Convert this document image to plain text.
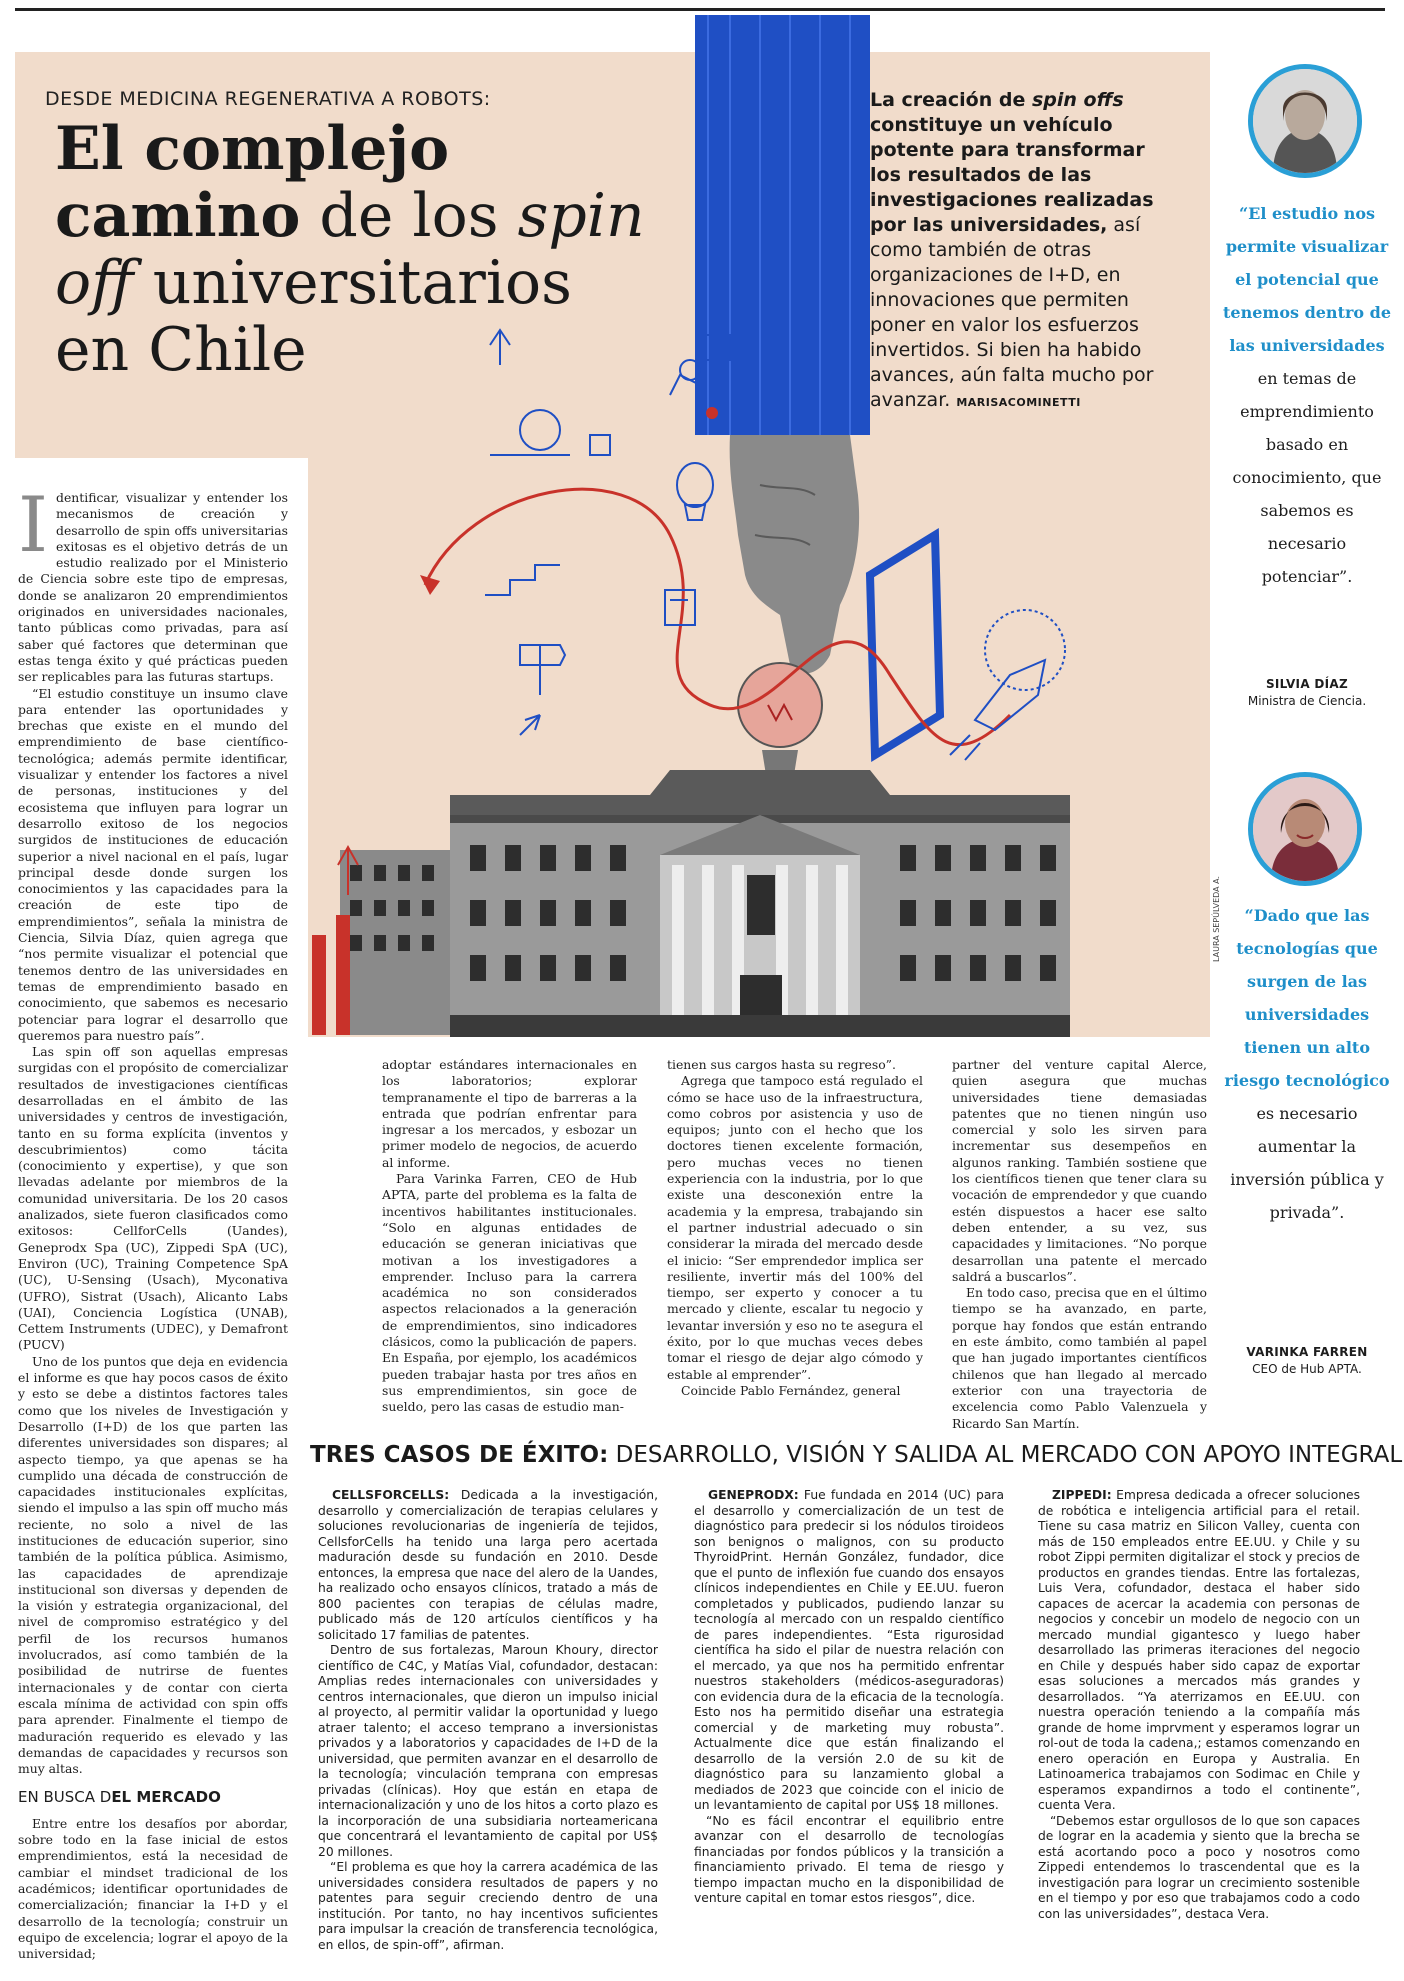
LAURA SEPÚLVEDA A.
DESDE MEDICINA REGENERATIVA A ROBOTS:
El complejo
camino de los spin
off universitarios
en Chile
La creación de spin offs constituye un vehículo potente para transformar los resultados de las investigaciones realizadas por las universidades, así como también de otras organizaciones de I+D, en innovaciones que permiten poner en valor los esfuerzos invertidos. Si bien ha habido avances, aún falta mucho por avanzar. MARISACOMINETTI
“El estudio nos permite visualizar el potencial que tenemos dentro de las universidades en temas de emprendimiento basado en conocimiento, que sabemos es necesario potenciar”.
SILVIA DÍAZ
Ministra de Ciencia.
“Dado que las tecnologías que surgen de las universidades tienen un alto riesgo tecnológico es necesario aumentar la inversión pública y privada”.
VARINKA FARREN
CEO de Hub APTA.

Identificar, visualizar y entender los mecanismos de creación y desarrollo de spin offs universitarias exitosas es el objetivo detrás de un estudio realizado por el Ministerio de Ciencia sobre este tipo de empresas, donde se analizaron 20 emprendimientos originados en universidades nacionales, tanto públicas como privadas, para así saber qué factores que determinan que estas tenga éxito y qué prácticas pueden ser replicables para las futuras startups.

“El estudio constituye un insumo clave para entender las oportunidades y brechas que existe en el mundo del emprendimiento de base científico-tecnológica; además permite identificar, visualizar y entender los factores a nivel de personas, instituciones y del ecosistema que influyen para lograr un desarrollo exitoso de los negocios surgidos de instituciones de educación superior a nivel nacional en el país, lugar principal desde donde surgen los conocimientos y las capacidades para la creación de este tipo de emprendimientos”, señala la ministra de Ciencia, Silvia Díaz, quien agrega que “nos permite visualizar el potencial que tenemos dentro de las universidades en temas de emprendimiento basado en conocimiento, que sabemos es necesario potenciar para lograr el desarrollo que queremos para nuestro país”.

Las spin off son aquellas empresas surgidas con el propósito de comercializar resultados de investigaciones científicas desarrolladas en el ámbito de las universidades y centros de investigación, tanto en su forma explícita (inventos y descubrimientos) como tácita (conocimiento y expertise), y que son llevadas adelante por miembros de la comunidad universitaria. De los 20 casos analizados, siete fueron clasificados como exitosos: CellforCells (Uandes), Geneprodx Spa (UC), Zippedi SpA (UC), Environ (UC), Training Competence SpA (UC), U-Sensing (Usach), Myconativa (UFRO), Sistrat (Usach), Alicanto Labs (UAI), Conciencia Logística (UNAB), Cettem Instruments (UDEC), y Demafront (PUCV)

Uno de los puntos que deja en evidencia el informe es que hay pocos casos de éxito y esto se debe a distintos factores tales como que los niveles de Investigación y Desarrollo (I+D) de los que parten las diferentes universidades son dispares; al aspecto tiempo, ya que apenas se ha cumplido una década de construcción de capacidades institucionales explícitas, siendo el impulso a las spin off mucho más reciente, no solo a nivel de las instituciones de educación superior, sino también de la política pública. Asimismo, las capacidades de aprendizaje institucional son diversas y dependen de la visión y estrategia organizacional, del nivel de compromiso estratégico y del perfil de los recursos humanos involucrados, así como también de la posibilidad de nutrirse de fuentes internacionales y de contar con cierta escala mínima de actividad con spin offs para aprender. Finalmente el tiempo de maduración requerido es elevado y las demandas de capacidades y recursos son muy altas.

EN BUSCA DEL MERCADO

Entre entre los desafíos por abordar, sobre todo en la fase inicial de estos emprendimientos, está la necesidad de cambiar el mindset tradicional de los académicos; identificar oportunidades de comercialización; financiar la I+D y el desarrollo de la tecnología; construir un equipo de excelencia; lograr el apoyo de la universidad;

adoptar estándares internacionales en los laboratorios; explorar tempranamente el tipo de barreras a la entrada que podrían enfrentar para ingresar a los mercados, y esbozar un primer modelo de negocios, de acuerdo al informe.

Para Varinka Farren, CEO de Hub APTA, parte del problema es la falta de incentivos habilitantes institucionales. “Solo en algunas entidades de educación se generan iniciativas que motivan a los investigadores a emprender. Incluso para la carrera académica no son considerados aspectos relacionados a la generación de emprendimientos, sino indicadores clásicos, como la publicación de papers. En España, por ejemplo, los académicos pueden trabajar hasta por tres años en sus emprendimientos, sin goce de sueldo, pero las casas de estudio man-

tienen sus cargos hasta su regreso”.

Agrega que tampoco está regulado el cómo se hace uso de la infraestructura, como cobros por asistencia y uso de equipos; junto con el hecho que los doctores tienen excelente formación, pero muchas veces no tienen experiencia con la industria, por lo que existe una desconexión entre la academia y la empresa, trabajando sin el partner industrial adecuado o sin considerar la mirada del mercado desde el inicio: “Ser emprendedor implica ser resiliente, invertir más del 100% del tiempo, ser experto y conocer a tu mercado y cliente, escalar tu negocio y levantar inversión y eso no te asegura el éxito, por lo que muchas veces debes tomar el riesgo de dejar algo cómodo y estable al emprender”.

Coincide Pablo Fernández, general

partner del venture capital Alerce, quien asegura que muchas universidades tiene demasiadas patentes que no tienen ningún uso comercial y solo les sirven para incrementar sus desempeños en algunos ranking. También sostiene que los científicos tienen que tener clara su vocación de emprendedor y que cuando estén dispuestos a hacer ese salto deben entender, a su vez, sus capacidades y limitaciones. “No porque desarrollan una patente el mercado saldrá a buscarlos”.

En todo caso, precisa que en el último tiempo se ha avanzado, en parte, porque hay fondos que están entrando en este ámbito, como también al papel que han jugado importantes científicos chilenos que han llegado al mercado exterior con una trayectoria de excelencia como Pablo Valenzuela y Ricardo San Martín.

TRES CASOS DE ÉXITO: DESARROLLO, VISIÓN Y SALIDA AL MERCADO CON APOYO INTEGRAL

CELLSFORCELLS: Dedicada a la investigación, desarrollo y comercialización de terapias celulares y soluciones revolucionarias de ingeniería de tejidos, CellsforCells ha tenido una larga pero acertada maduración desde su fundación en 2010. Desde entonces, la empresa que nace del alero de la Uandes, ha realizado ocho ensayos clínicos, tratado a más de 800 pacientes con terapias de células madre, publicado más de 120 artículos científicos y ha solicitado 17 familias de patentes.

Dentro de sus fortalezas, Maroun Khoury, director científico de C4C, y Matías Vial, cofundador, destacan: Amplias redes internacionales con universidades y centros internacionales, que dieron un impulso inicial al proyecto, al permitir validar la oportunidad y luego atraer talento; el acceso temprano a inversionistas privados y a laboratorios y capacidades de I+D de la universidad, que permiten avanzar en el desarrollo de la tecnología; vinculación temprana con empresas privadas (clínicas). Hoy que están en etapa de internacionalización y uno de los hitos a corto plazo es la incorporación de una subsidiaria norteamericana que concentrará el levantamiento de capital por US$ 20 millones.

“El problema es que hoy la carrera académica de las universidades considera resultados de papers y no patentes para seguir creciendo dentro de una institución. Por tanto, no hay incentivos suficientes para impulsar la creación de transferencia tecnológica, en ellos, de spin-off”, afirman.

GENEPRODX: Fue fundada en 2014 (UC) para el desarrollo y comercialización de un test de diagnóstico para predecir si los nódulos tiroideos son benignos o malignos, con su producto ThyroidPrint. Hernán González, fundador, dice que el punto de inflexión fue cuando dos ensayos clínicos independientes en Chile y EE.UU. fueron completados y publicados, pudiendo lanzar su tecnología al mercado con un respaldo científico de pares independientes. “Esta rigurosidad científica ha sido el pilar de nuestra relación con el mercado, ya que nos ha permitido enfrentar nuestros stakeholders (médicos-aseguradoras) con evidencia dura de la eficacia de la tecnología. Esto nos ha permitido diseñar una estrategia comercial y de marketing muy robusta”. Actualmente dice que están finalizando el desarrollo de la versión 2.0 de su kit de diagnóstico para su lanzamiento global a mediados de 2023 que coincide con el inicio de un levantamiento de capital por US$ 18 millones.

“No es fácil encontrar el equilibrio entre avanzar con el desarrollo de tecnologías financiadas por fondos públicos y la transición a financiamiento privado. El tema de riesgo y tiempo impactan mucho en la disponibilidad de venture capital en tomar estos riesgos”, dice.

ZIPPEDI: Empresa dedicada a ofrecer soluciones de robótica e inteligencia artificial para el retail. Tiene su casa matriz en Silicon Valley, cuenta con más de 150 empleados entre EE.UU. y Chile y su robot Zippi permiten digitalizar el stock y precios de productos en grandes tiendas. Entre las fortalezas, Luis Vera, cofundador, destaca el haber sido capaces de acercar la academia con personas de negocios y concebir un modelo de negocio con un mercado mundial gigantesco y luego haber desarrollado las primeras iteraciones del negocio en Chile y después haber sido capaz de exportar esas soluciones a mercados más grandes y desarrollados. “Ya aterrizamos en EE.UU. con nuestra operación teniendo a la compañía más grande de home imprvment y esperamos lograr un rol-out de toda la cadena,; estamos comenzando en enero operación en Europa y Australia. En Latinoamerica trabajamos con Sodimac en Chile y esperamos expandirnos a todo el continente”, cuenta Vera.

“Debemos estar orgullosos de lo que son capaces de lograr en la academia y siento que la brecha se está acortando poco a poco y nosotros como Zippedi entendemos lo trascendental que es la investigación para lograr un crecimiento sostenible en el tiempo y por eso que trabajamos codo a codo con las universidades”, destaca Vera.
